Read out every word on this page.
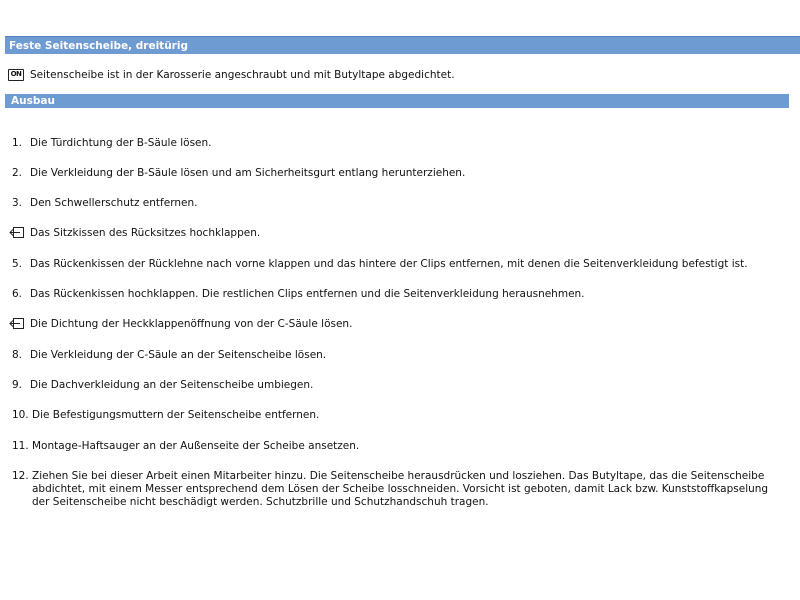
Feste Seitenscheibe, dreitürig
ON Seitenscheibe ist in der Karosserie angeschraubt und mit Butyltape abgedichtet.
Ausbau
1. Die Türdichtung der B-Säule lösen.
2. Die Verkleidung der B-Säule lösen und am Sicherheitsgurt entlang herunterziehen.
3. Den Schwellerschutz entfernen.
Das Sitzkissen des Rücksitzes hochklappen.
5. Das Rückenkissen der Rücklehne nach vorne klappen und das hintere der Clips entfernen, mit denen die Seitenverkleidung befestigt ist.
6. Das Rückenkissen hochklappen. Die restlichen Clips entfernen und die Seitenverkleidung herausnehmen.
Die Dichtung der Heckklappenöffnung von der C-Säule lösen.
8. Die Verkleidung der C-Säule an der Seitenscheibe lösen.
9. Die Dachverkleidung an der Seitenscheibe umbiegen.
10. Die Befestigungsmuttern der Seitenscheibe entfernen.
11. Montage-Haftsauger an der Außenseite der Scheibe ansetzen.
12. Ziehen Sie bei dieser Arbeit einen Mitarbeiter hinzu. Die Seitenscheibe herausdrücken und losziehen. Das Butyltape, das die Seitenscheibe abdichtet, mit einem Messer entsprechend dem Lösen der Scheibe losschneiden. Vorsicht ist geboten, damit Lack bzw. Kunststoffkapselung der Seitenscheibe nicht beschädigt werden. Schutzbrille und Schutzhandschuh tragen.
